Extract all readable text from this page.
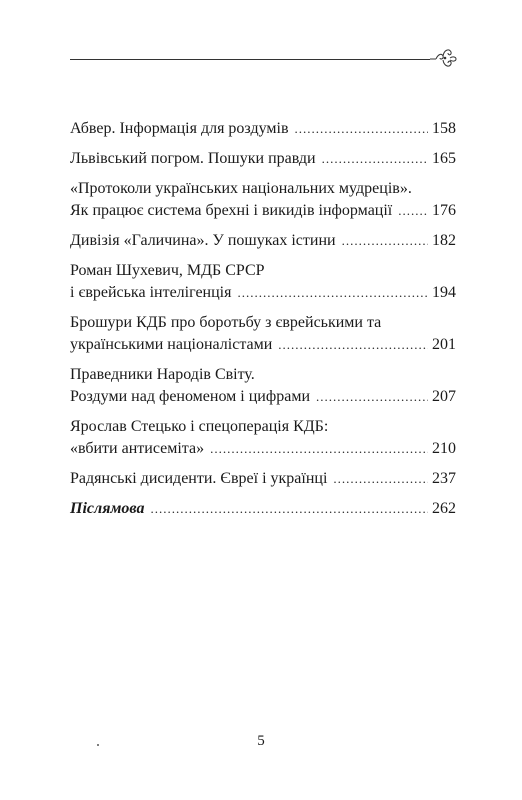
Абвер. Інформація для роздумів .....	158
Львівський погром. Пошуки правди .....	165
«Протоколи українських національних мудреців».
Як працює система брехні і викидів інформації ..... 176
Дивізія «Галичина». У пошуках істини .....	182
Роман Шухевич, МДБ СРСР
і єврейська інтелігенція .....	194
Брошури КДБ про боротьбу з єврейськими та
українськими націоналістами .....	201
Праведники Народів Світу.
Роздуми над феноменом і цифрами .....	207
Ярослав Стецько і спецоперація КДБ:
«вбити антисеміта» .....	210
Радянські дисиденти. Євреї і українці .....	237
Післямова .....	262
5
